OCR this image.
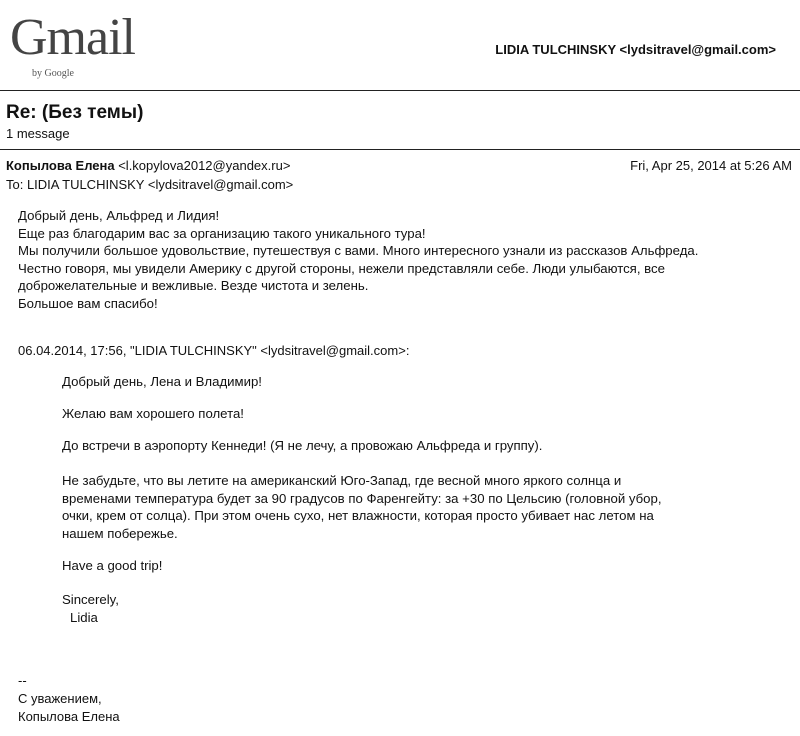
Gmail
by Google
LIDIA TULCHINSKY <lydsitravel@gmail.com>
Re: (Без темы)
1 message
Копылова Елена <l.kopylova2012@yandex.ru>	Fri, Apr 25, 2014 at 5:26 AM
To: LIDIA TULCHINSKY <lydsitravel@gmail.com>

Добрый день, Альфред и Лидия!

Еще раз благодарим вас за организацию такого уникального тура!

Мы получили большое удовольствие, путешествуя с вами. Много интересного узнали из рассказов Альфреда.

Честно говоря, мы увидели Америку с другой стороны, нежели представляли себе. Люди улыбаются, все

доброжелательные и вежливые. Везде чистота и зелень.

Большое вам спасибо!

06.04.2014, 17:56, "LIDIA TULCHINSKY" <lydsitravel@gmail.com>:

Добрый день, Лена и Владимир!

Желаю вам хорошего полета!

До встречи в аэропорту Кеннеди! (Я не лечу, а провожаю Альфреда и группу).

Не забудьте, что вы летите на американский Юго-Запад, где весной много яркого солнца и

временами температура будет за 90 градусов по Фаренгейту: за +30 по Цельсию (головной убор,

очки, крем от солца). При этом очень сухо, нет влажности, которая просто убивает нас летом на

нашем побережье.

Have a good trip!

Sincerely,

Lidia

--

С уважением,

Копылова Елена
